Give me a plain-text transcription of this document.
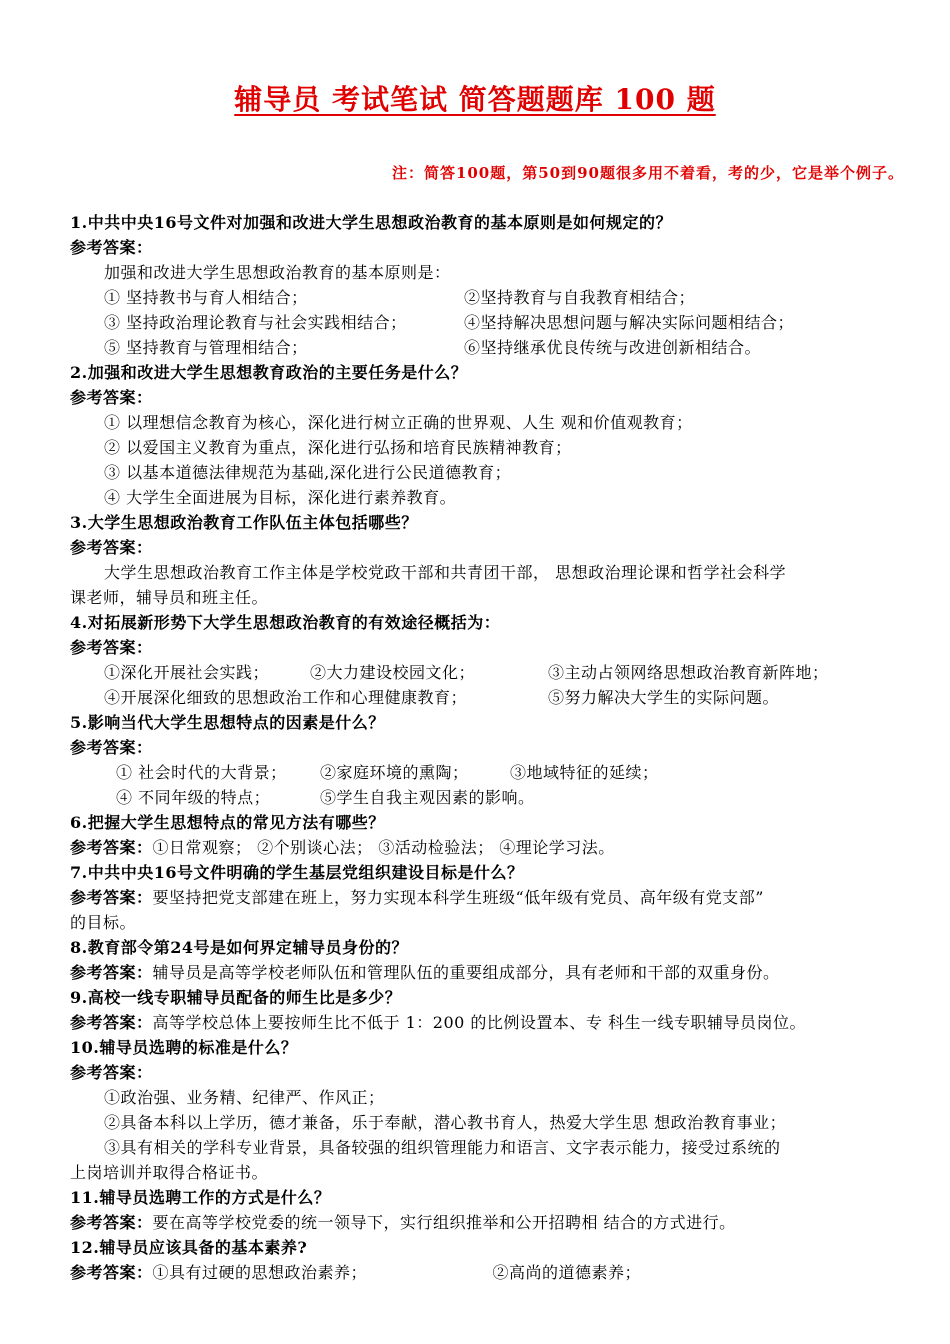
辅导员 考试笔试 简答题题库 100 题
注：简答100题，第50到90题很多用不着看，考的少，它是举个例子。
1.中共中央16号文件对加强和改进大学生思想政治教育的基本原则是如何规定的？
参考答案：
加强和改进大学生思想政治教育的基本原则是：
① 坚持教书与育人相结合；	②坚持教育与自我教育相结合；
③ 坚持政治理论教育与社会实践相结合；	④坚持解决思想问题与解决实际问题相结合；
⑤ 坚持教育与管理相结合；	⑥坚持继承优良传统与改进创新相结合。
2.加强和改进大学生思想教育政治的主要任务是什么？
参考答案：
① 以理想信念教育为核心，深化进行树立正确的世界观、人生 观和价值观教育；
② 以爱国主义教育为重点，深化进行弘扬和培育民族精神教育；
③ 以基本道德法律规范为基础,深化进行公民道德教育；
④ 大学生全面进展为目标，深化进行素养教育。
3.大学生思想政治教育工作队伍主体包括哪些？
参考答案：
大学生思想政治教育工作主体是学校党政干部和共青团干部， 思想政治理论课和哲学社会科学
课老师，辅导员和班主任。
4.对拓展新形势下大学生思想政治教育的有效途径概括为：
参考答案：
①深化开展社会实践；	②大力建设校园文化；	③主动占领网络思想政治教育新阵地；
④开展深化细致的思想政治工作和心理健康教育；	⑤努力解决大学生的实际问题。
5.影响当代大学生思想特点的因素是什么？
参考答案：
① 社会时代的大背景； ②家庭环境的熏陶；	③地域特征的延续；
④ 不同年级的特点；	⑤学生自我主观因素的影响。
6.把握大学生思想特点的常见方法有哪些？
参考答案：①日常观察； ②个别谈心法； ③活动检验法； ④理论学习法。
7.中共中央16号文件明确的学生基层党组织建设目标是什么？
参考答案：要坚持把党支部建在班上，努力实现本科学生班级“低年级有党员、高年级有党支部”
的目标。
8.教育部令第24号是如何界定辅导员身份的？
参考答案：辅导员是高等学校老师队伍和管理队伍的重要组成部分，具有老师和干部的双重身份。
9.高校一线专职辅导员配备的师生比是多少？
参考答案：高等学校总体上要按师生比不低于 1：200 的比例设置本、专 科生一线专职辅导员岗位。
10.辅导员选聘的标准是什么？
参考答案：
①政治强、业务精、纪律严、作风正；
②具备本科以上学历，德才兼备，乐于奉献，潜心教书育人，热爱大学生思 想政治教育事业；
③具有相关的学科专业背景，具备较强的组织管理能力和语言、文字表示能力，接受过系统的
上岗培训并取得合格证书。
11.辅导员选聘工作的方式是什么？
参考答案：要在高等学校党委的统一领导下，实行组织推举和公开招聘相 结合的方式进行。
12.辅导员应该具备的基本素养?
参考答案：①具有过硬的思想政治素养；	②高尚的道德素养；
